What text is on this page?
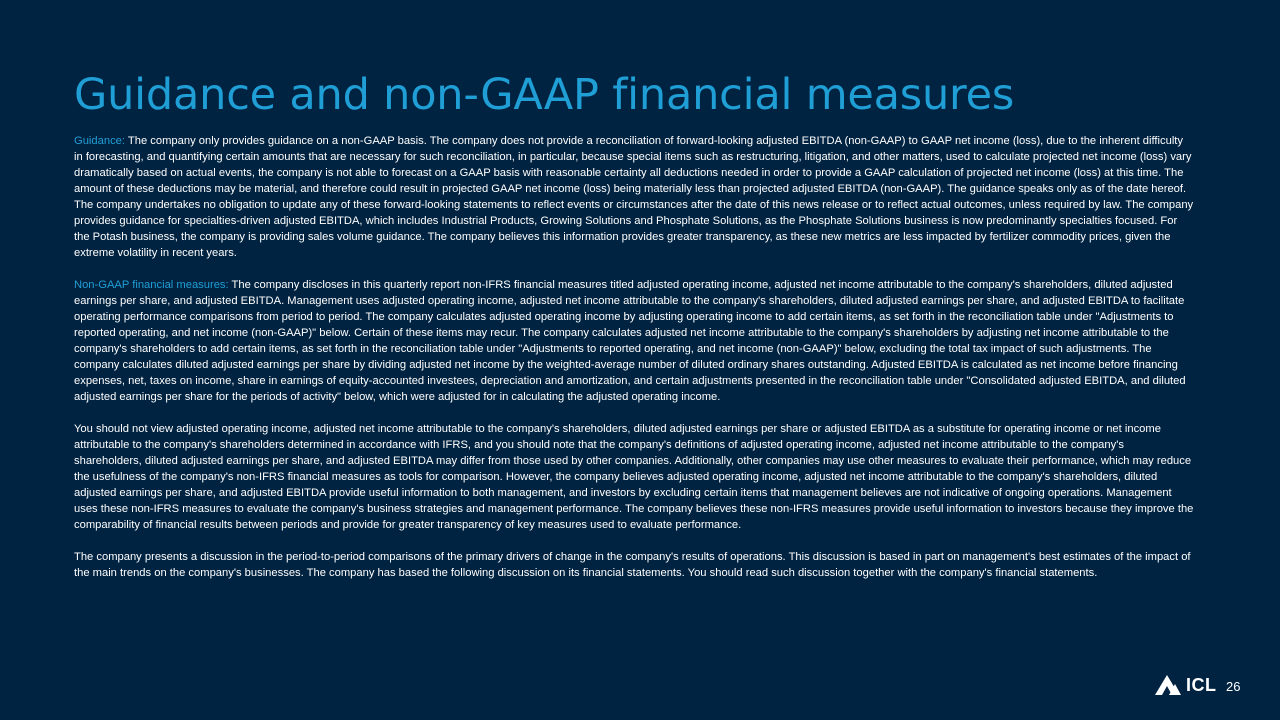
Guidance and non-GAAP financial measures

Guidance: The company only provides guidance on a non-GAAP basis. The company does not provide a reconciliation of forward-looking adjusted EBITDA (non-GAAP) to GAAP net income (loss), due to the inherent difficulty in forecasting, and quantifying certain amounts that are necessary for such reconciliation, in particular, because special items such as restructuring, litigation, and other matters, used to calculate projected net income (loss) vary dramatically based on actual events, the company is not able to forecast on a GAAP basis with reasonable certainty all deductions needed in order to provide a GAAP calculation of projected net income (loss) at this time. The amount of these deductions may be material, and therefore could result in projected GAAP net income (loss) being materially less than projected adjusted EBITDA (non-GAAP). The guidance speaks only as of the date hereof. The company undertakes no obligation to update any of these forward-looking statements to reflect events or circumstances after the date of this news release or to reflect actual outcomes, unless required by law. The company provides guidance for specialties-driven adjusted EBITDA, which includes Industrial Products, Growing Solutions and Phosphate Solutions, as the Phosphate Solutions business is now predominantly specialties focused. For the Potash business, the company is providing sales volume guidance. The company believes this information provides greater transparency, as these new metrics are less impacted by fertilizer commodity prices, given the extreme volatility in recent years.

Non-GAAP financial measures: The company discloses in this quarterly report non-IFRS financial measures titled adjusted operating income, adjusted net income attributable to the company's shareholders, diluted adjusted earnings per share, and adjusted EBITDA. Management uses adjusted operating income, adjusted net income attributable to the company's shareholders, diluted adjusted earnings per share, and adjusted EBITDA to facilitate operating performance comparisons from period to period. The company calculates adjusted operating income by adjusting operating income to add certain items, as set forth in the reconciliation table under "Adjustments to reported operating, and net income (non-GAAP)" below. Certain of these items may recur. The company calculates adjusted net income attributable to the company's shareholders by adjusting net income attributable to the company's shareholders to add certain items, as set forth in the reconciliation table under "Adjustments to reported operating, and net income (non-GAAP)" below, excluding the total tax impact of such adjustments. The company calculates diluted adjusted earnings per share by dividing adjusted net income by the weighted-average number of diluted ordinary shares outstanding. Adjusted EBITDA is calculated as net income before financing expenses, net, taxes on income, share in earnings of equity-accounted investees, depreciation and amortization, and certain adjustments presented in the reconciliation table under "Consolidated adjusted EBITDA, and diluted adjusted earnings per share for the periods of activity" below, which were adjusted for in calculating the adjusted operating income.

You should not view adjusted operating income, adjusted net income attributable to the company's shareholders, diluted adjusted earnings per share or adjusted EBITDA as a substitute for operating income or net income attributable to the company's shareholders determined in accordance with IFRS, and you should note that the company's definitions of adjusted operating income, adjusted net income attributable to the company's shareholders, diluted adjusted earnings per share, and adjusted EBITDA may differ from those used by other companies. Additionally, other companies may use other measures to evaluate their performance, which may reduce the usefulness of the company's non-IFRS financial measures as tools for comparison. However, the company believes adjusted operating income, adjusted net income attributable to the company's shareholders, diluted adjusted earnings per share, and adjusted EBITDA provide useful information to both management, and investors by excluding certain items that management believes are not indicative of ongoing operations. Management uses these non-IFRS measures to evaluate the company's business strategies and management performance. The company believes these non-IFRS measures provide useful information to investors because they improve the comparability of financial results between periods and provide for greater transparency of key measures used to evaluate performance.

The company presents a discussion in the period-to-period comparisons of the primary drivers of change in the company's results of operations. This discussion is based in part on management's best estimates of the impact of the main trends on the company's businesses. The company has based the following discussion on its financial statements. You should read such discussion together with the company's financial statements.

ICL 26
